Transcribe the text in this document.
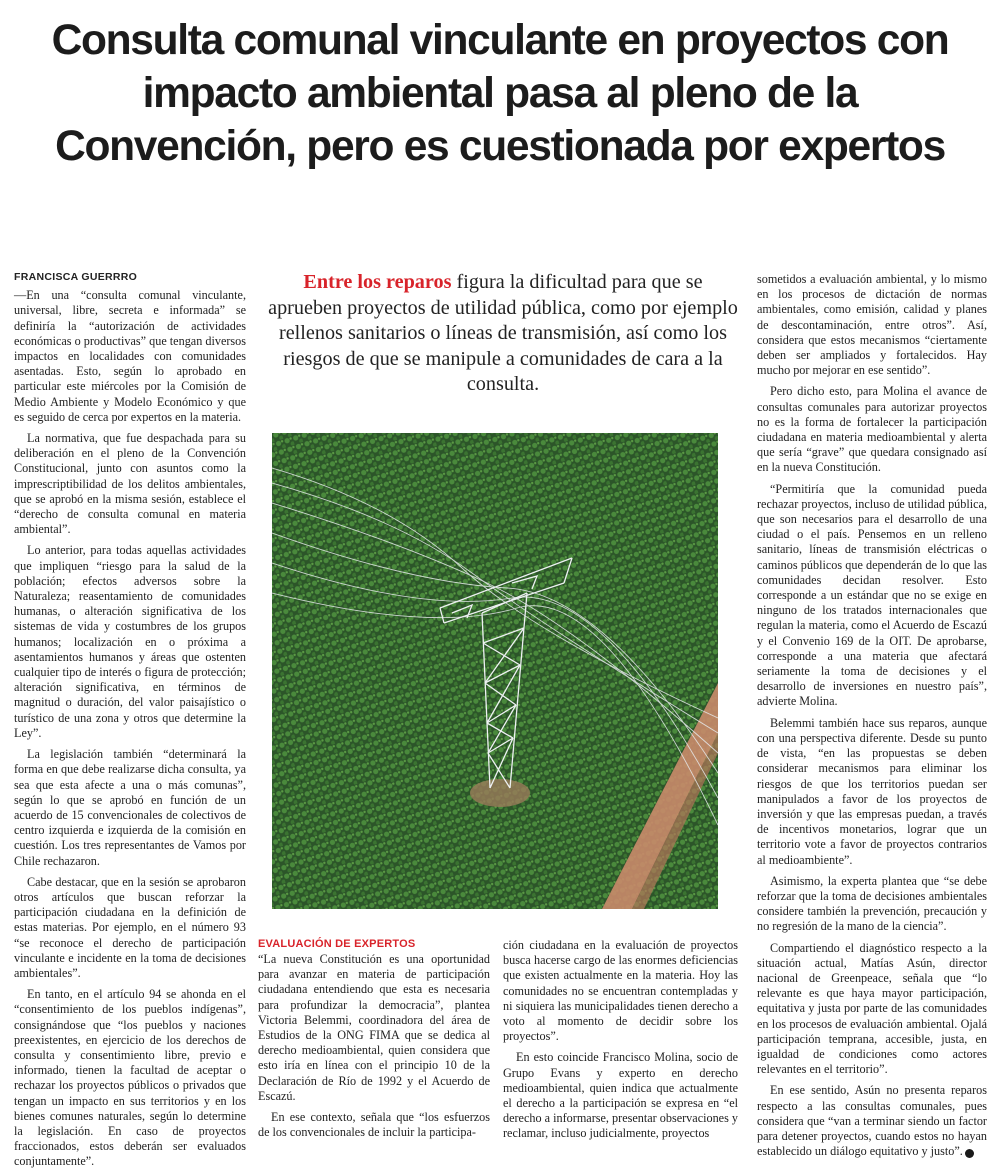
Consulta comunal vinculante en proyectos con
impacto ambiental pasa al pleno de la
Convención, pero es cuestionada por expertos
FRANCISCA GUERRRO

—En una “consulta comunal vinculante, universal, libre, secreta e informada” se definiría la “autorización de actividades económicas o productivas” que tengan diversos impactos en localidades con comunidades asentadas. Esto, según lo aprobado en particular este miércoles por la Comisión de Medio Ambiente y Modelo Económico y que es seguido de cerca por expertos en la materia.

La normativa, que fue despachada para su deliberación en el pleno de la Convención Constitucional, junto con asuntos como la imprescriptibilidad de los delitos ambientales, que se aprobó en la misma sesión, establece el “derecho de consulta comunal en materia ambiental”.

Lo anterior, para todas aquellas actividades que impliquen “riesgo para la salud de la población; efectos adversos sobre la Naturaleza; reasentamiento de comunidades humanas, o alteración significativa de los sistemas de vida y costumbres de los grupos humanos; localización en o próxima a asentamientos humanos y áreas que ostenten cualquier tipo de interés o figura de protección; alteración significativa, en términos de magnitud o duración, del valor paisajístico o turístico de una zona y otros que determine la Ley”.

La legislación también “determinará la forma en que debe realizarse dicha consulta, ya sea que esta afecte a una o más comunas”, según lo que se aprobó en función de un acuerdo de 15 convencionales de colectivos de centro izquierda e izquierda de la comisión en cuestión. Los tres representantes de Vamos por Chile rechazaron.

Cabe destacar, que en la sesión se aprobaron otros artículos que buscan reforzar la participación ciudadana en la definición de estas materias. Por ejemplo, en el número 93 “se reconoce el derecho de participación vinculante e incidente en la toma de decisiones ambientales”.

En tanto, en el artículo 94 se ahonda en el “consentimiento de los pueblos indígenas”, consignándose que “los pueblos y naciones preexistentes, en ejercicio de los derechos de consulta y consentimiento libre, previo e informado, tienen la facultad de aceptar o rechazar los proyectos públicos o privados que tengan un impacto en sus territorios y en los bienes comunes naturales, según lo determine la legislación. En caso de proyectos fraccionados, estos deberán ser evaluados conjuntamente”.

Entre los reparos figura la dificultad para que se aprueben proyectos de utilidad pública, como por ejemplo rellenos sanitarios o líneas de transmisión, así como los riesgos de que se manipule a comunidades de cara a la consulta.

EVALUACIÓN DE EXPERTOS

“La nueva Constitución es una oportunidad para avanzar en materia de participación ciudadana entendiendo que esta es necesaria para profundizar la democracia”, plantea Victoria Belemmi, coordinadora del área de Estudios de la ONG FIMA que se dedica al derecho medioambiental, quien considera que esto iría en línea con el principio 10 de la Declaración de Río de 1992 y el Acuerdo de Escazú.

En ese contexto, señala que “los esfuerzos de los convencionales de incluir la participa-

ción ciudadana en la evaluación de proyectos busca hacerse cargo de las enormes deficiencias que existen actualmente en la materia. Hoy las comunidades no se encuentran contempladas y ni siquiera las municipalidades tienen derecho a voto al momento de decidir sobre los proyectos”.

En esto coincide Francisco Molina, socio de Grupo Evans y experto en derecho medioambiental, quien indica que actualmente el derecho a la participación se expresa en “el derecho a informarse, presentar observaciones y reclamar, incluso judicialmente, proyectos

sometidos a evaluación ambiental, y lo mismo en los procesos de dictación de normas ambientales, como emisión, calidad y planes de descontaminación, entre otros”. Así, considera que estos mecanismos “ciertamente deben ser ampliados y fortalecidos. Hay mucho por mejorar en ese sentido”.

Pero dicho esto, para Molina el avance de consultas comunales para autorizar proyectos no es la forma de fortalecer la participación ciudadana en materia medioambiental y alerta que sería “grave” que quedara consignado así en la nueva Constitución.

“Permitiría que la comunidad pueda rechazar proyectos, incluso de utilidad pública, que son necesarios para el desarrollo de una ciudad o el país. Pensemos en un relleno sanitario, líneas de transmisión eléctricas o caminos públicos que dependerán de lo que las comunidades decidan resolver. Esto corresponde a un estándar que no se exige en ninguno de los tratados internacionales que regulan la materia, como el Acuerdo de Escazú y el Convenio 169 de la OIT. De aprobarse, corresponde a una materia que afectará seriamente la toma de decisiones y el desarrollo de inversiones en nuestro país”, advierte Molina.

Belemmi también hace sus reparos, aunque con una perspectiva diferente. Desde su punto de vista, “en las propuestas se deben considerar mecanismos para eliminar los riesgos de que los territorios puedan ser manipulados a favor de los proyectos de inversión y que las empresas puedan, a través de incentivos monetarios, lograr que un territorio vote a favor de proyectos contrarios al medioambiente”.

Asimismo, la experta plantea que “se debe reforzar que la toma de decisiones ambientales considere también la prevención, precaución y no regresión de la mano de la ciencia”.

Compartiendo el diagnóstico respecto a la situación actual, Matías Asún, director nacional de Greenpeace, señala que “lo relevante es que haya mayor participación, equitativa y justa por parte de las comunidades en los procesos de evaluación ambiental. Ojalá participación temprana, accesible, justa, en igualdad de condiciones como actores relevantes en el territorio”.

En ese sentido, Asún no presenta reparos respecto a las consultas comunales, pues considera que “van a terminar siendo un factor para detener proyectos, cuando estos no hayan establecido un diálogo equitativo y justo”. P
